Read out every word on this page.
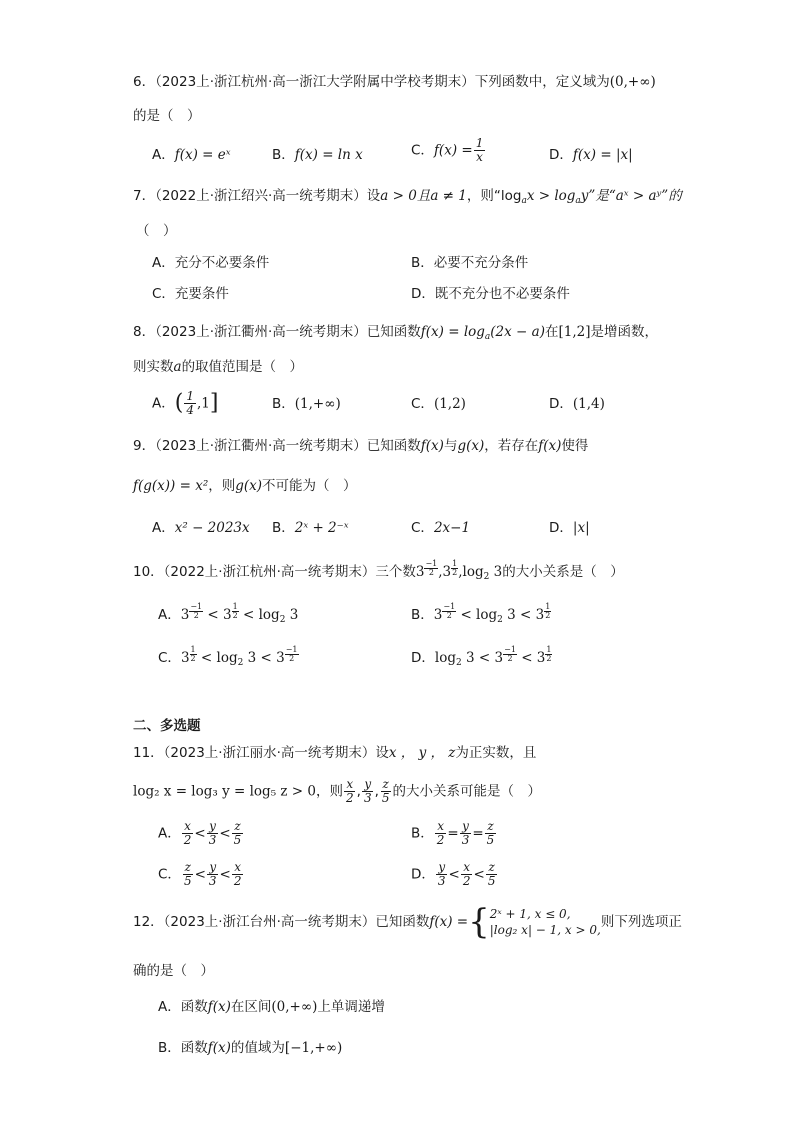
6．（2023上·浙江杭州·高一浙江大学附属中学校考期末）下列函数中，定义域为(0,+∞)
的是（　）
A．f(x) = eˣ	B．f(x) = ln x	C．$f(x) = \frac{1}{x}$	D．f(x) = |x|
7．（2022上·浙江绍兴·高一统考期末）设a > 0且a ≠ 1，则“$\log_ax > \log_ay$”是“aˣ > aʸ”的
（　）
A．充分不必要条件	B．必要不充分条件
C．充要条件	D．既不充分也不必要条件
8．（2023上·浙江衢州·高一统考期末）已知函数$f(x) = \log_a(2x - a)$在[1,2]是增函数，
则实数a的取值范围是（　）
A．( $\frac{1}{4} ,1$]	B．(1,+∞)	C．(1,2)	D．(1,4)
9．（2023上·浙江衢州·高一统考期末）已知函数f(x)与g(x)，若存在f(x)使得
f(g(x)) = x²，则g(x)不可能为（　）
A．x² − 2023x B．2ˣ + 2⁻ˣ	C．2x−1	D．|x|
10．（2022上·浙江杭州·高一统考期末）三个数$3 \frac{-1}{2} ,3 \frac{1}{2} ,\log_2$ 3的大小关系是（　）
A．$3 \frac{-1}{2} < 3 \frac{1}{2} < \log_2 3$	B．$3 \frac{-1}{2} < \log_2 3 < 3 \frac{1}{2}$
C．$3 \frac{1}{2} < \log_2 3 < 3 \frac{-1}{2}$	D．$\log_2 3 < 3 \frac{-1}{2} < 3 \frac{1}{2}$
二、多选题
11．（2023上·浙江丽水·高一统考期末）设x ， y ， z为正实数，且
log₂ x = log₃ y = log₅ z > 0，则 $\frac{x}{2}$ , $\frac{y}{3}$ , $\frac{z}{5}$ 的大小关系可能是（　）
A． $\frac{x}{2} < \frac{y}{3} < \frac{z}{5}$	B． $\frac{x}{2} = \frac{y}{3} = \frac{z}{5}$
C． $\frac{z}{5} < \frac{y}{3} < \frac{x}{2}$	D． $\frac{y}{3} < \frac{x}{2} < \frac{z}{5}$
12．（2023上·浙江台州·高一统考期末）已知函数f(x) ={ 2ˣ + 1, x ≤ 0,
|log₂ x| − 1, x > 0, 则下列选项正
确的是（　）
A．函数f(x)在区间(0,+∞)上单调递增
B．函数f(x)的值域为[−1,+∞)
